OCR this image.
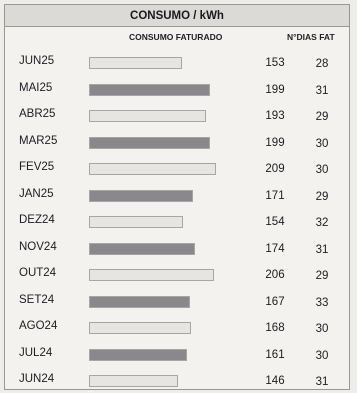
CONSUMO / kWh
CONSUMO FATURADO	N°DIAS FAT
JUN25	153	28
MAI25	199	31
ABR25	193	29
MAR25	199	30
FEV25	209	30
JAN25	171	29
DEZ24	154	32
NOV24	174	31
OUT24	206	29
SET24	167	33
AGO24	168	30
JUL24	161	30
JUN24	146	31
